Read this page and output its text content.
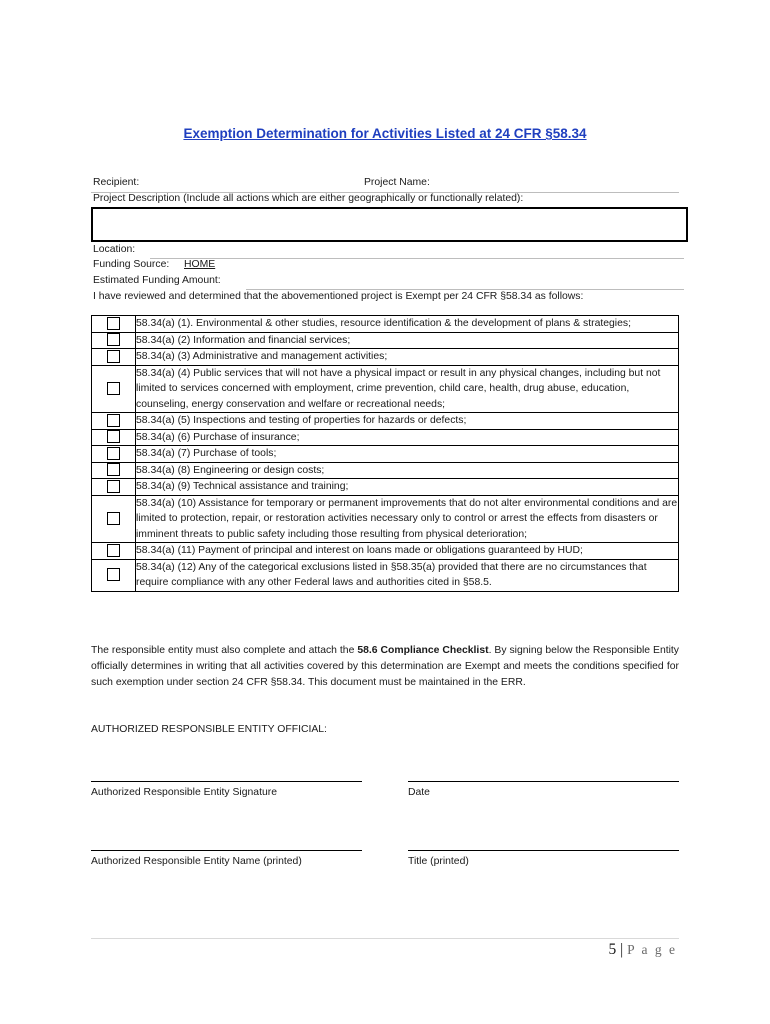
Exemption Determination for Activities Listed at 24 CFR §58.34
Recipient:	Project Name:
Project Description (Include all actions which are either geographically or functionally related):
Location:
Funding Source: HOME
Estimated Funding Amount:
I have reviewed and determined that the abovementioned project is Exempt per 24 CFR §58.34 as follows:
	58.34(a) (1). Environmental & other studies, resource identification & the development of plans & strategies;
	58.34(a) (2) Information and financial services;
	58.34(a) (3) Administrative and management activities;
	58.34(a) (4) Public services that will not have a physical impact or result in any physical changes, including but not limited to services concerned with employment, crime prevention, child care, health, drug abuse, education, counseling, energy conservation and welfare or recreational needs;
	58.34(a) (5) Inspections and testing of properties for hazards or defects;
	58.34(a) (6) Purchase of insurance;
	58.34(a) (7) Purchase of tools;
	58.34(a) (8) Engineering or design costs;
	58.34(a) (9) Technical assistance and training;
	58.34(a) (10) Assistance for temporary or permanent improvements that do not alter environmental conditions and are limited to protection, repair, or restoration activities necessary only to control or arrest the effects from disasters or imminent threats to public safety including those resulting from physical deterioration;
	58.34(a) (11) Payment of principal and interest on loans made or obligations guaranteed by HUD;
	58.34(a) (12) Any of the categorical exclusions listed in §58.35(a) provided that there are no circumstances that require compliance with any other Federal laws and authorities cited in §58.5.
The responsible entity must also complete and attach the 58.6 Compliance Checklist. By signing below the Responsible Entity officially determines in writing that all activities covered by this determination are Exempt and meets the conditions specified for such exemption under section 24 CFR §58.34. This document must be maintained in the ERR.
AUTHORIZED RESPONSIBLE ENTITY OFFICIAL:
Authorized Responsible Entity Signature	Date
Authorized Responsible Entity Name (printed)	Title (printed)
5 | P a g e
